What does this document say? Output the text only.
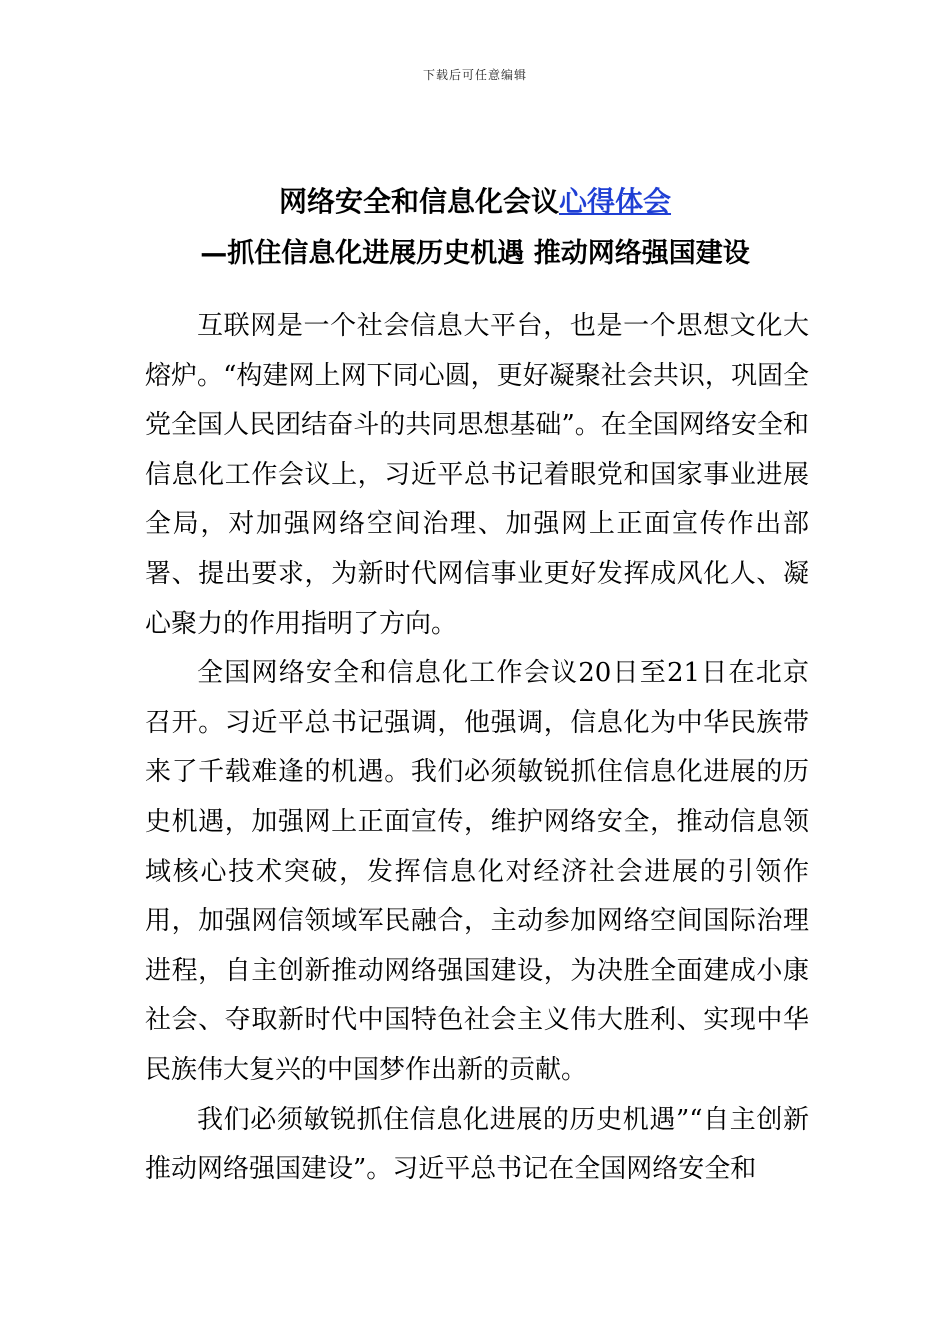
下载后可任意编辑
网络安全和信息化会议心得体会
—抓住信息化进展历史机遇 推动网络强国建设

互联网是一个社会信息大平台，也是一个思想文化大熔炉。“构建网上网下同心圆，更好凝聚社会共识，巩固全党全国人民团结奋斗的共同思想基础”。在全国网络安全和信息化工作会议上，习近平总书记着眼党和国家事业进展全局，对加强网络空间治理、加强网上正面宣传作出部署、提出要求，为新时代网信事业更好发挥成风化人、凝心聚力的作用指明了方向。

全国网络安全和信息化工作会议20日至21日在北京召开。习近平总书记强调，他强调，信息化为中华民族带来了千载难逢的机遇。我们必须敏锐抓住信息化进展的历史机遇，加强网上正面宣传，维护网络安全，推动信息领域核心技术突破，发挥信息化对经济社会进展的引领作用，加强网信领域军民融合，主动参加网络空间国际治理进程，自主创新推动网络强国建设，为决胜全面建成小康社会、夺取新时代中国特色社会主义伟大胜利、实现中华民族伟大复兴的中国梦作出新的贡献。

我们必须敏锐抓住信息化进展的历史机遇”“自主创新推动网络强国建设”。习近平总书记在全国网络安全和
